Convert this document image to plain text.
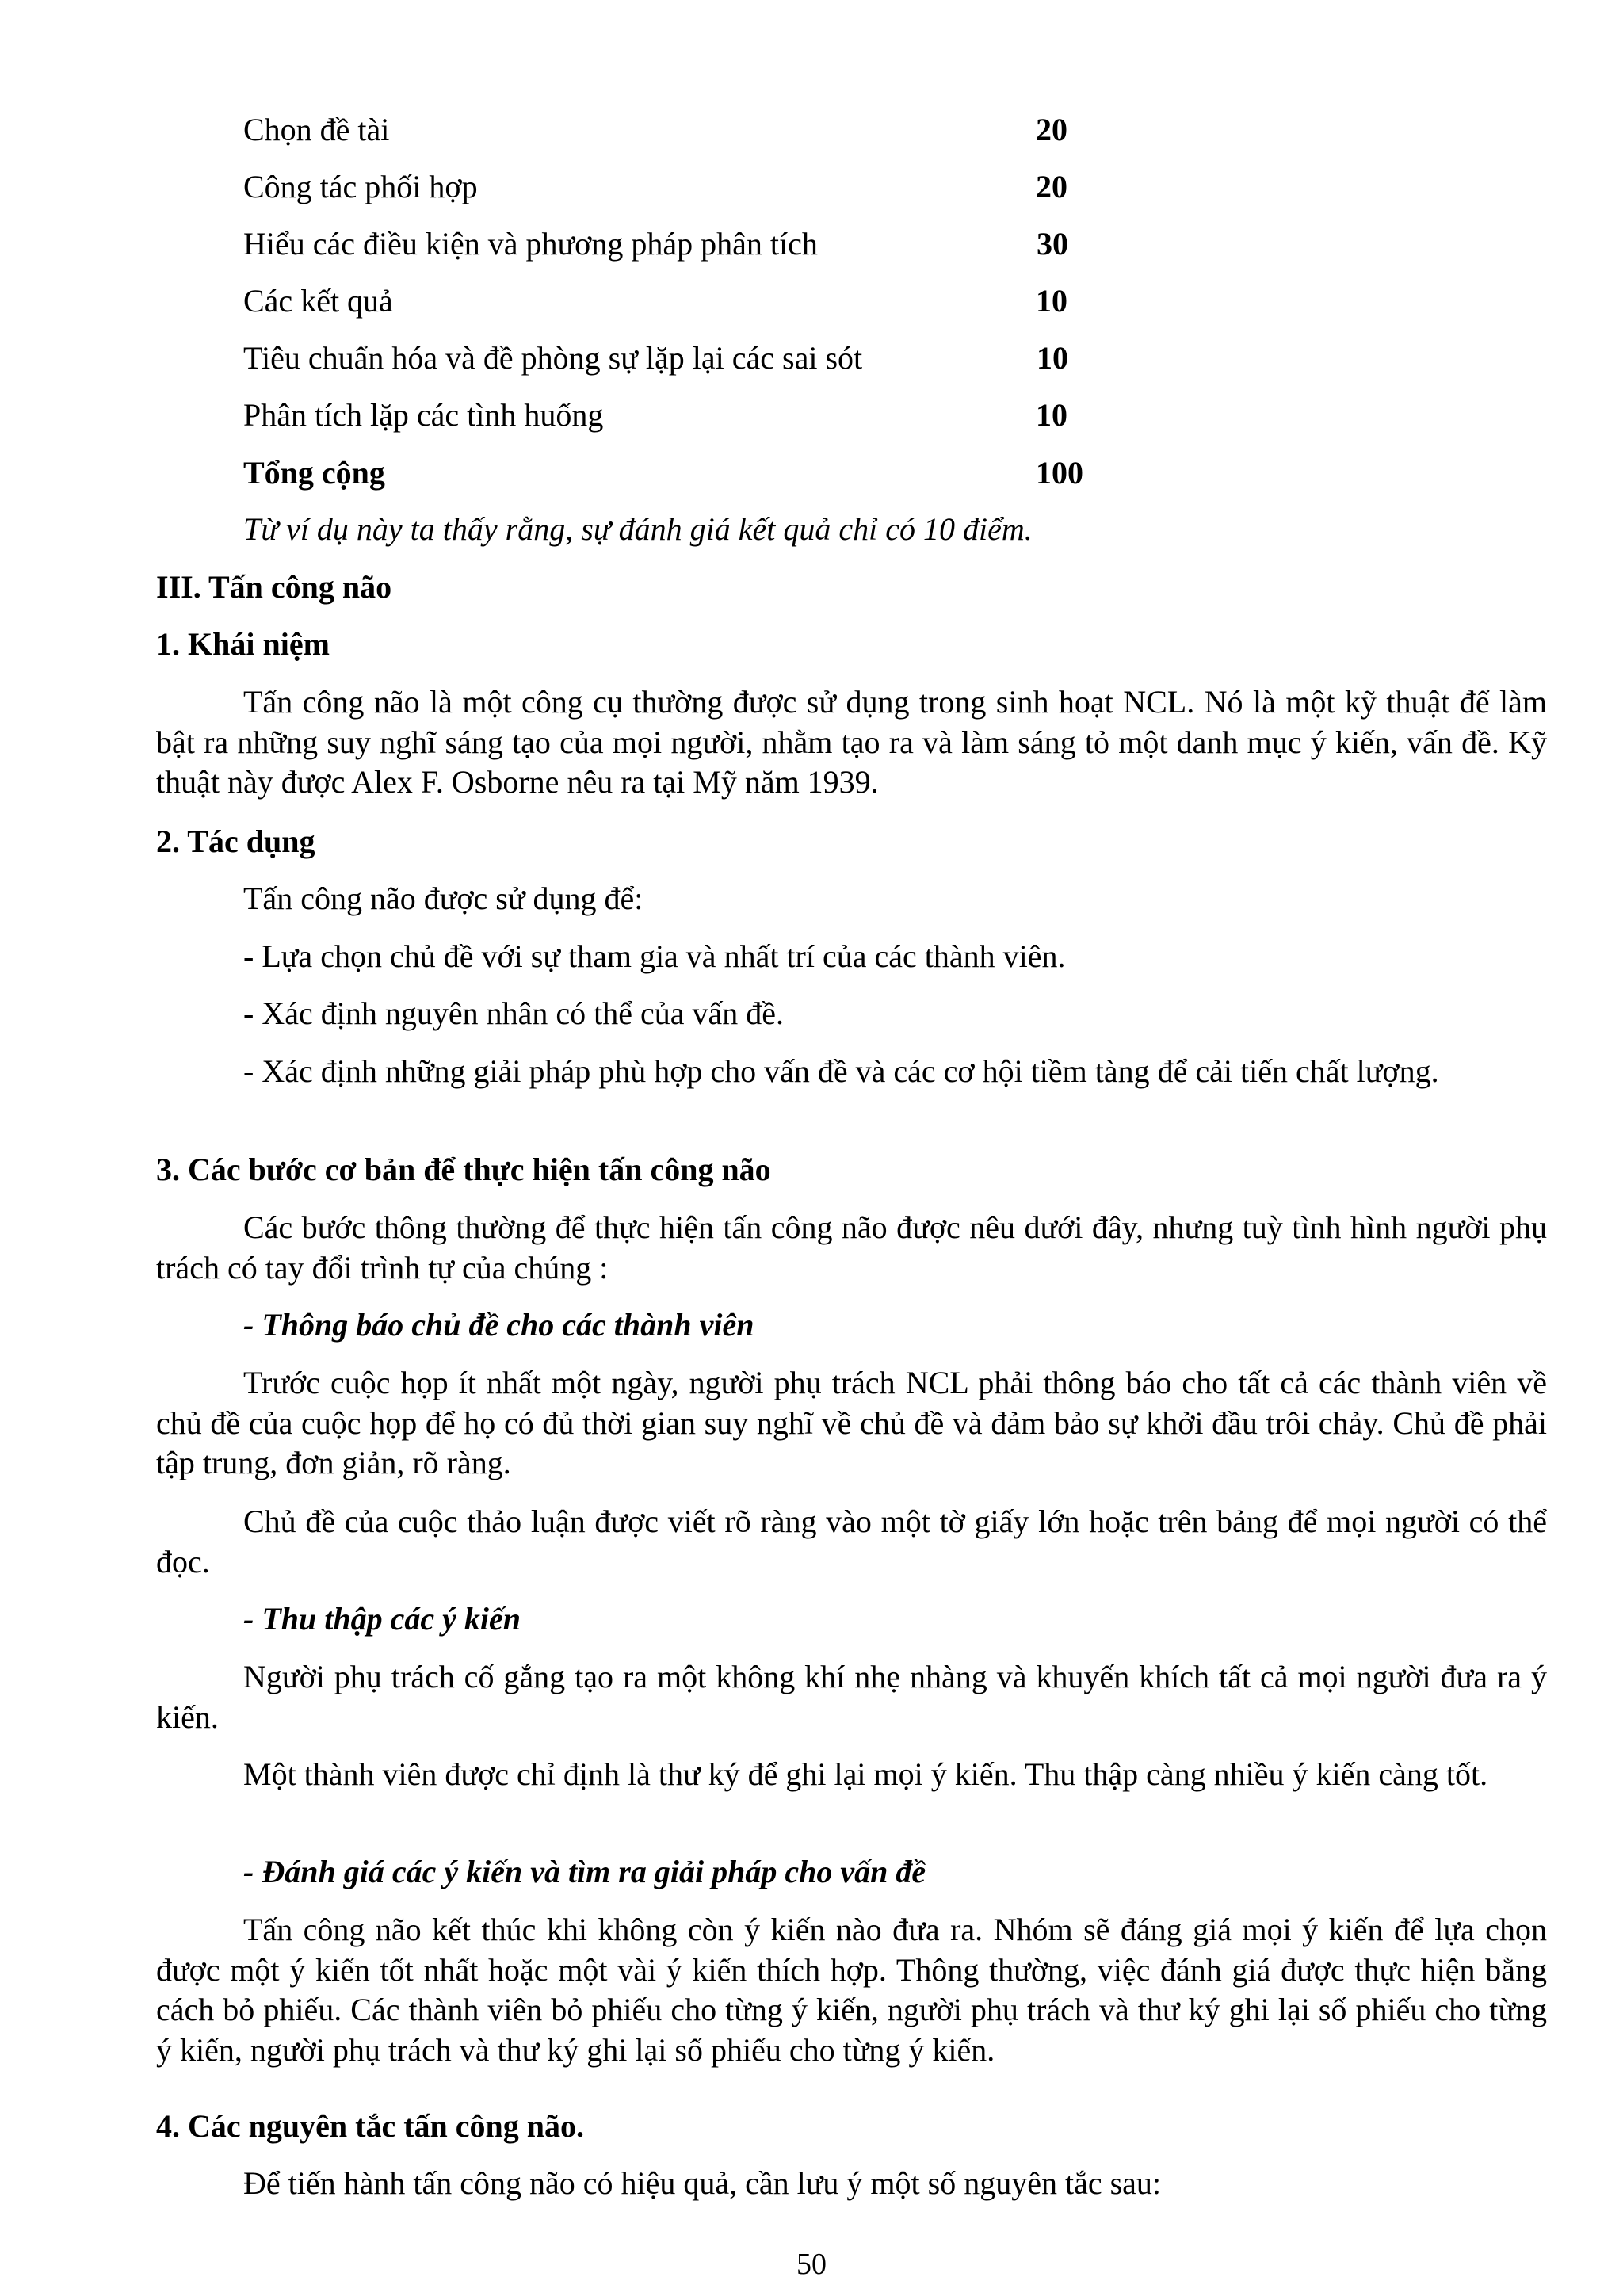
Chọn đề tài	20
Công tác phối hợp	20
Hiểu các điều kiện và phương pháp phân tích	30
Các kết quả	10
Tiêu chuẩn hóa và đề phòng sự lặp lại các sai sót	10
Phân tích lặp các tình huống	10
Tổng cộng	100
Từ ví dụ này ta thấy rằng, sự đánh giá kết quả chỉ có 10 điểm.
III. Tấn công não
1. Khái niệm
Tấn công não là một công cụ thường được sử dụng trong sinh hoạt NCL. Nó là một kỹ thuật để làm bật ra những suy nghĩ sáng tạo của mọi người, nhằm tạo ra và làm sáng tỏ một danh mục ý kiến, vấn đề. Kỹ thuật này được Alex F. Osborne nêu ra tại Mỹ năm 1939.
2. Tác dụng
Tấn công não được sử dụng để:
- Lựa chọn chủ đề với sự tham gia và nhất trí của các thành viên.
- Xác định nguyên nhân có thể của vấn đề.
- Xác định những giải pháp phù hợp cho vấn đề và các cơ hội tiềm tàng để cải tiến chất lượng.
3. Các bước cơ bản để thực hiện tấn công não
Các bước thông thường để thực hiện tấn công não được nêu dưới đây, nhưng tuỳ tình hình người phụ trách có tay đổi trình tự của chúng :
- Thông báo chủ đề cho các thành viên
Trước cuộc họp ít nhất một ngày, người phụ trách NCL phải thông báo cho tất cả các thành viên về chủ đề của cuộc họp để họ có đủ thời gian suy nghĩ về chủ đề và đảm bảo sự khởi đầu trôi chảy. Chủ đề phải tập trung, đơn giản, rõ ràng.
Chủ đề của cuộc thảo luận được viết rõ ràng vào một tờ giấy lớn hoặc trên bảng để mọi người có thể đọc.
- Thu thập các ý kiến
Người phụ trách cố gắng tạo ra một không khí nhẹ nhàng và khuyến khích tất cả mọi người đưa ra ý kiến.
Một thành viên được chỉ định là thư ký để ghi lại mọi ý kiến. Thu thập càng nhiều ý kiến càng tốt.
- Đánh giá các ý kiến và tìm ra giải pháp cho vấn đề
Tấn công não kết thúc khi không còn ý kiến nào đưa ra. Nhóm sẽ đáng giá mọi ý kiến để lựa chọn được một ý kiến tốt nhất hoặc một vài ý kiến thích hợp. Thông thường, việc đánh giá được thực hiện bằng cách bỏ phiếu. Các thành viên bỏ phiếu cho từng ý kiến, người phụ trách và thư ký ghi lại số phiếu cho từng ý kiến, người phụ trách và thư ký ghi lại số phiếu cho từng ý kiến.
4. Các nguyên tắc tấn công não.
Để tiến hành tấn công não có hiệu quả, cần lưu ý một số nguyên tắc sau:
50
